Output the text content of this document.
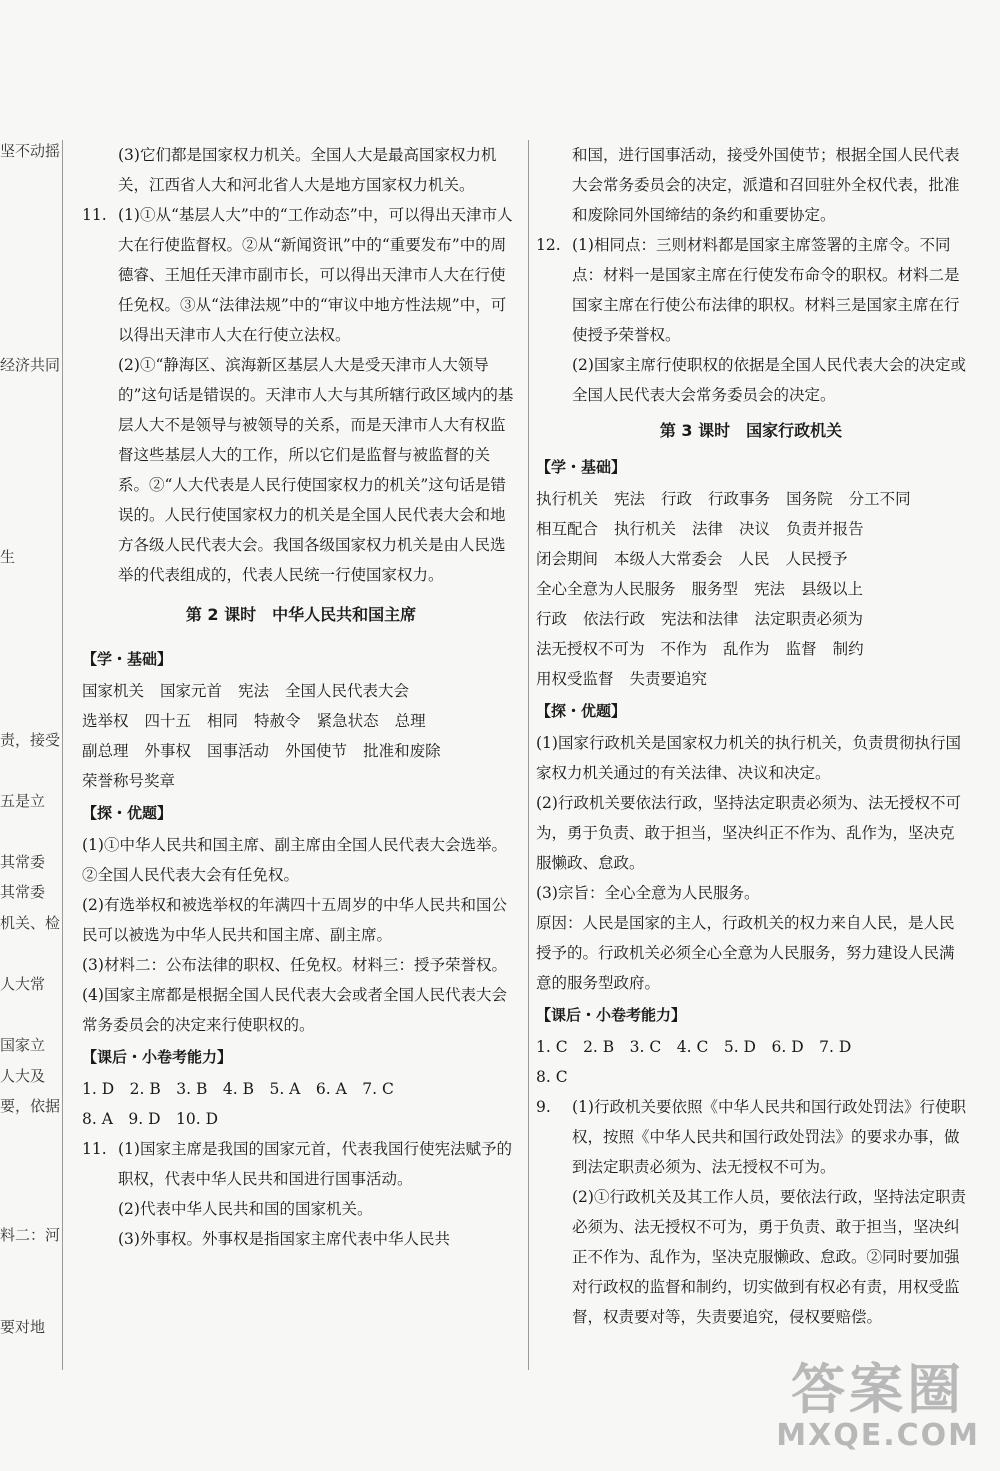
坚不动摇
经济共同
生
责，接受
五是立
其常委
其常委
机关、检
人大常
国家立
人大及
要，依据
料二：河
要对地

(3)它们都是国家权力机关。全国人大是最高国家权力机关，江西省人大和河北省人大是地方国家权力机关。

11. (1)①从“基层人大”中的“工作动态”中，可以得出天津市人大在行使监督权。②从“新闻资讯”中的“重要发布”中的周德睿、王旭任天津市副市长，可以得出天津市人大在行使任免权。③从“法律法规”中的“审议中地方性法规”中，可以得出天津市人大在行使立法权。

(2)①“静海区、滨海新区基层人大是受天津市人大领导的”这句话是错误的。天津市人大与其所辖行政区域内的基层人大不是领导与被领导的关系，而是天津市人大有权监督这些基层人大的工作，所以它们是监督与被监督的关系。②“人大代表是人民行使国家权力的机关”这句话是错误的。人民行使国家权力的机关是全国人民代表大会和地方各级人民代表大会。我国各级国家权力机关是由人民选举的代表组成的，代表人民统一行使国家权力。

第 2 课时　中华人民共和国主席
【学・基础】

国家机关 国家元首 宪法 全国人民代表大会

选举权 四十五 相同 特赦令 紧急状态 总理

副总理 外事权 国事活动 外国使节 批准和废除

荣誉称号奖章

【探・优题】

(1)①中华人民共和国主席、副主席由全国人民代表大会选举。②全国人民代表大会有任免权。

(2)有选举权和被选举权的年满四十五周岁的中华人民共和国公民可以被选为中华人民共和国主席、副主席。

(3)材料二：公布法律的职权、任免权。材料三：授予荣誉权。

(4)国家主席都是根据全国人民代表大会或者全国人民代表大会常务委员会的决定来行使职权的。

【课后・小卷考能力】

1. D　2. B　3. B　4. B　5. A　6. A　7. C

8. A　9. D　10. D

11. (1)国家主席是我国的国家元首，代表我国行使宪法赋予的职权，代表中华人民共和国进行国事活动。

(2)代表中华人民共和国的国家机关。

(3)外事权。外事权是指国家主席代表中华人民共

和国，进行国事活动，接受外国使节；根据全国人民代表大会常务委员会的决定，派遣和召回驻外全权代表，批准和废除同外国缔结的条约和重要协定。

12. (1)相同点：三则材料都是国家主席签署的主席令。不同点：材料一是国家主席在行使发布命令的职权。材料二是国家主席在行使公布法律的职权。材料三是国家主席在行使授予荣誉权。

(2)国家主席行使职权的依据是全国人民代表大会的决定或全国人民代表大会常务委员会的决定。

第 3 课时　国家行政机关
【学・基础】

执行机关 宪法 行政 行政事务 国务院 分工不同

相互配合 执行机关 法律 决议 负责并报告

闭会期间 本级人大常委会 人民 人民授予

全心全意为人民服务 服务型 宪法 县级以上

行政 依法行政 宪法和法律 法定职责必须为

法无授权不可为 不作为 乱作为 监督 制约

用权受监督 失责要追究

【探・优题】

(1)国家行政机关是国家权力机关的执行机关，负责贯彻执行国家权力机关通过的有关法律、决议和决定。

(2)行政机关要依法行政，坚持法定职责必须为、法无授权不可为，勇于负责、敢于担当，坚决纠正不作为、乱作为，坚决克服懒政、怠政。

(3)宗旨：全心全意为人民服务。

原因：人民是国家的主人，行政机关的权力来自人民，是人民授予的。行政机关必须全心全意为人民服务，努力建设人民满意的服务型政府。

【课后・小卷考能力】

1. C　2. B　3. C　4. C　5. D　6. D　7. D

8. C

9. (1)行政机关要依照《中华人民共和国行政处罚法》行使职权，按照《中华人民共和国行政处罚法》的要求办事，做到法定职责必须为、法无授权不可为。

(2)①行政机关及其工作人员，要依法行政，坚持法定职责必须为、法无授权不可为，勇于负责、敢于担当，坚决纠正不作为、乱作为，坚决克服懒政、怠政。②同时要加强对行政权的监督和制约，切实做到有权必有责，用权受监督，权责要对等，失责要追究，侵权要赔偿。

答案圈
MXQE.COM
